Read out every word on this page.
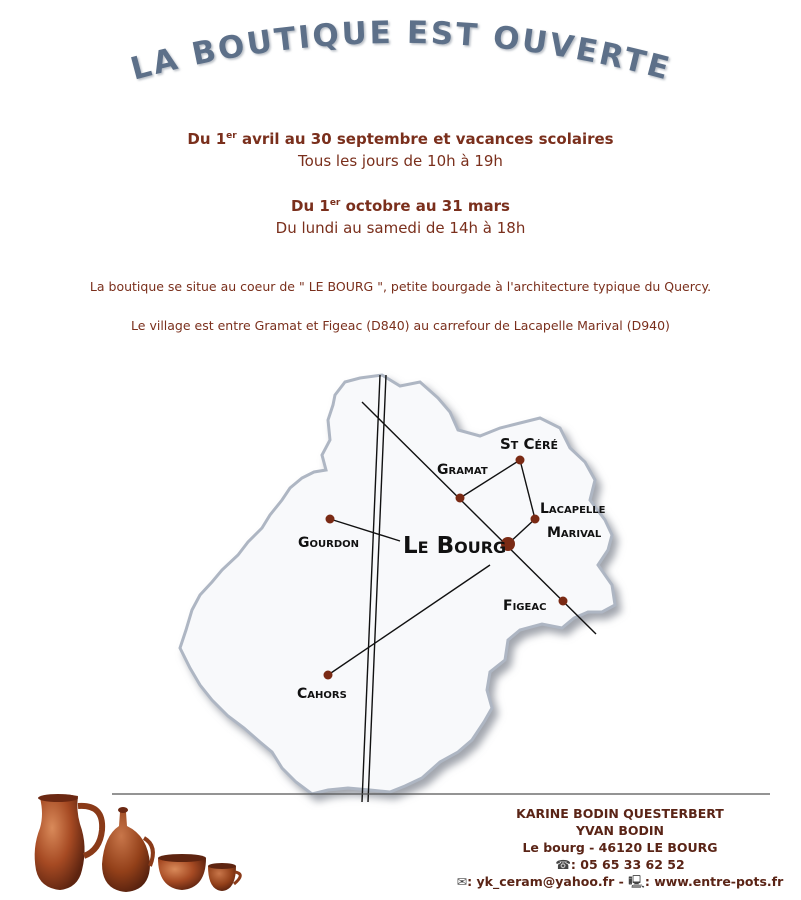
LA BOUTIQUE EST OUVERTE
Du 1er avril au 30 septembre et vacances scolaires
Tous les jours de 10h à 19h
Du 1er octobre au 31 mars
Du lundi au samedi de 14h à 18h
La boutique se situe au coeur de " LE BOURG ", petite bourgade à l'architecture typique du Quercy.
Le village est entre Gramat et Figeac (D840) au carrefour de Lacapelle Marival (D940)
Gramat
St Céré
Lacapelle
Marival
Gourdon Le Bourg
Figeac
Cahors
KARINE BODIN QUESTERBERT
YVAN BODIN
Le bourg - 46120 LE BOURG
☎: 05 65 33 62 52
✉: yk_ceram@yahoo.fr - 🖳: www.entre-pots.fr
